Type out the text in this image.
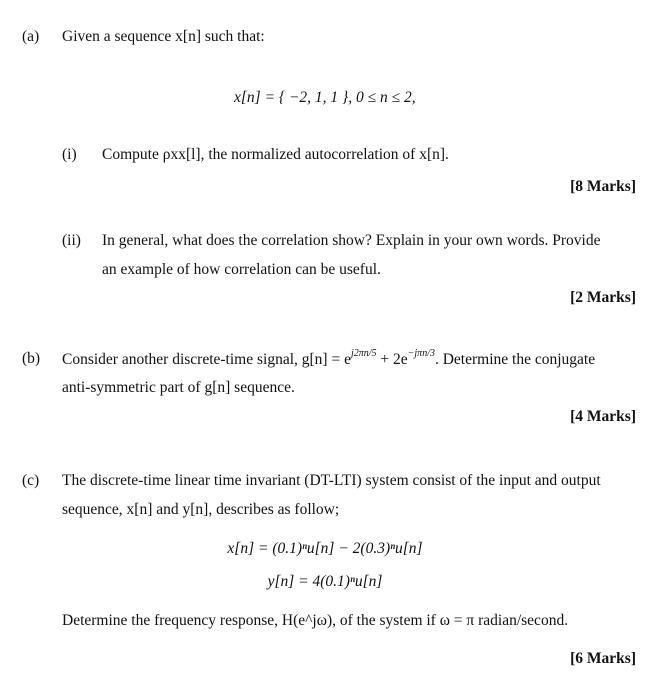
(a) Given a sequence x[n] such that:
x[n] = { −2, 1, 1 }, 0 ≤ n ≤ 2,
(i) Compute ρxx[l], the normalized autocorrelation of x[n].
[8 Marks]
(ii) In general, what does the correlation show? Explain in your own words. Provide
an example of how correlation can be useful.
[2 Marks]
(b) Consider another discrete-time signal, $g[n] = e^{j2\pi n/5} + 2e^{-j\pi n/3}$. Determine the conjugate
anti-symmetric part of g[n] sequence.
[4 Marks]
(c) The discrete-time linear time invariant (DT-LTI) system consist of the input and output
sequence, x[n] and y[n], describes as follow;
x[n] = (0.1)ⁿu[n] − 2(0.3)ⁿu[n]
y[n] = 4(0.1)ⁿu[n]
Determine the frequency response, H(e^jω), of the system if ω = π radian/second.
[6 Marks]
